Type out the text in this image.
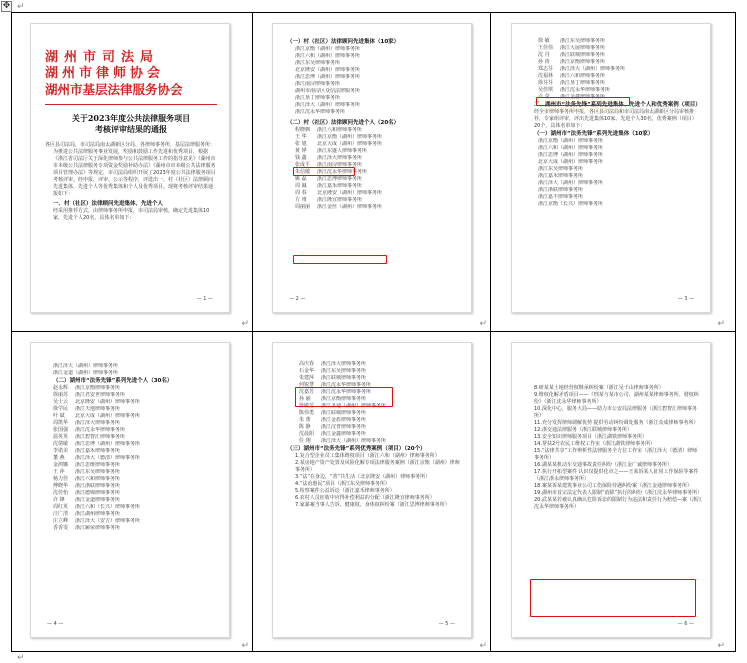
✥ ↵
↵
湖州市司法局
湖州市律师协会
湖州市基层法律服务协会
关于2023年度公共法律服务项目
考核评审结果的通报
各区县司法局，市司法局南太湖新区分局、各律师事务所，基层法律服务所：
为推进公共法律服务事业发展，奖励和鼓励工作先进和优秀项目，根据《浙江省司法厅关于深化律师参与公共法律服务工作的指导意见》《湖州市市本级公共法律服务专项资金奖励补助办法》《湖州市市本级公共法律服务项目管理办法》等规定，市司法局组织开展了2023年度公共法律服务项目考核评审。经申报、评审、公示等程序，评选出一、村（社区）法律顾问先进集体、先进个人等优秀集体和个人及优秀项目。现将考核评审结果通报如下：
一、村（社区）法律顾问先进集体、先进个人
经采用推荐方式，由律师事务所申报，市司法局审核，确定先进集体10家，先进个人20名，具体名单如下：
— 1 —
↵
（一）村（社区）法律顾问先进集体（10家）
浙江京衡（湖州）律师事务所
浙江六和（湖州）律师事务所
浙江东吴律师事务所
北京隆安（湖州）律师事务所
浙江思博（湖州）律师事务所
浙江南浔律师事务所
湖州市南浔区众信法律服务所
浙江垦丁律师事务所
浙江泽大（湖州）律师事务所
浙江沈永华律师事务所
（二）村（社区）法律顾问先进个人（20名）
程晓枫	浙江六和律师事务所
王 华	浙江京衡（湖州）律师事务所
张 旭	北京大成（湖州）律师事务所
黄 铧	浙江东盛人律师事务所
钱 鑫	浙江泽大律师事务所
张成平	浙江南浔律师事务所
朱信敏	浙江沈永华律师事务所
姚 磊	浙江思博律师事务所
周 铖	浙江嘉禾律师事务所
周 春	北京隆安（湖州）律师事务所
方 靖	浙江隆宜律师事务所
周丽丽	浙江金丝（湖州）律师事务所
— 2 —
↵
徐 敏	浙江东吴律师事务所
王佳伟	浙江大展律师事务所
沈 丹	浙江联城律师事务所
孙 涛	浙江京衡律师事务所
郑志芬	浙江泽大（湖州）律师事务所
沈福林	浙江六和律师事务所
徐芬芬	浙江垦丁律师事务所
吴佳琪	浙江沈永华律师事务所
卢 莹	浙江金鑫律师事务所
二、湖州市“法务先锋”系列先进集体、先进个人和优秀案例（项目）
经全市律师事务所申报，各区县司法局和市司法局南太湖新区分局审核推荐，专家组评审，评出先进集体10家、先进个人30名，优秀案例（项目）20个，具体名单如下：
（一）湖州市“法务先锋”系列先进集体（10家）
浙江京衡（湖州）律师事务所
浙江六和（湖州）律师事务所
浙江思博（湖州）律师事务所
北京大成（湖州）律师事务所
浙江东吴律师事务所
浙江嘉禾律师事务所
浙江泽大（湖州）律师事务所
浙江浙联律师事务所
浙江嘉丰律师事务所
浙江京衡（长兴）律师事务所
— 3 —
↵
浙江泽大（湖州）律师事务所
浙江金道（湖州）律师事务所
（二）湖州市“法务先锋”系列先进个人（30名）
赵永辉	浙江京衡律师事务所
徐丽苏	浙江君安世律师事务所
吴士云	北京隆安（湖州）律师事务所
徐学民	浙江天地律师事务所
叶 斌	北京大成（湖州）律师事务所
周凯华	浙江泽大律师事务所
张国强	浙江沈永华律师事务所
温英英	浙江碧智汇律师事务所
沈倩敏	浙江思博（湖州）律师事务所
李诺美	浙江嘉禾律师事务所
董 燕	浙江泽大（德清）律师事务所
金鸿娜	浙江思维律师事务所
王 萍	浙江东吴律师事务所
杨力佳	浙江六和律师事务所
傅晓华	浙江浙联律师事务所
沈佳怡	浙江德锦律师事务所
许 锋	浙江金道律师事务所
周红英	浙江六和（长兴）律师事务所
汪广清	浙江湖州律师事务所
庄立峰	浙江泽大（安吉）律师事务所
香香雯	浙江颐荣律师事务所
— 4 —
↵
高庆春	浙江泽大律师事务所
石金华	浙江东吴律师事务所
朱建萍	浙江联城律师事务所
何锐慧	浙江沈永华律师事务所
沈嘉芳	浙江沈永华律师事务所
孙 丽	浙江京衡律师事务所
徐敏芳	浙江圣通（湖州）律师事务所
陈伟勇	浙江联城律师事务所
朱 蕾	浙江金盾律师事务所
陈 静	浙江汉普律师事务所
沈晨阳	浙江金鑫律师事务所
任 翔	浙江泽大（湖州）律师事务所
（三）湖州市“法务先锋”系列优秀案例（项目）（20个）
1.复合型企业员工集体维权项目（浙江六和（湖州）律师事务所）
2.某房地产资产处置及风险化解专项法律服务案例（浙江京衡（湖州）律师事务所）
3.“法”在身边，“善”共生活（北京隆安（湖州）律师事务所）
4.“法治惠民”项目（浙江东吴律师事务所）
5.检察案件公益诉讼（浙江嘉禾律师事务所）
6.农村人员征收中应得补偿利益的分配（浙江隆宜律师事务所）
7.家暴案当事人告诉、健康权、身体权纠纷案（浙江思博律师事务所）
— 5 —
↵
8.研某某土地经营权继承纠纷案（浙江吴千山律师事务所）
9.维权化解矛盾项目——《刑某与某市公司、湖州某某律师事务所、谐权纠纷》（浙江沈永华律师事务所）
10.深化中心，服务大局——助力市公安局法律服务（浙江碧智汇律师事务所）
11.充分发挥律师调解优势 提供劳动纠纷调处服务（浙江众成律师事务所）
12.浙交通法律服务（浙江联城律师事务所）
13.安全知识律师服务项目（浙江湖铁律师事务所）
14.帮扶2号农民工维权工作室（浙江湖铁律师事务所）
15.“法律共享”工作辨析性法律服务全方位工作室（浙江泽大（德清）律师事务所）
16.湖某某机动车交通事故责任纠纷（浙江金广诚律师事务所）
17.执行开拓型案件 认识仅提供化市之——王某诉某人征用工作保险等案件（浙江浙永律师事务所）
18.案某诉某建筑事业公司工伤保险待遇纠纷案（浙江金通律师事务所）
19.湖州市首宗法定代表人限制“消除”执行的纠纷（浙江沈永华律师事务所）
20.武某某若被认真确认危险诉讼的限制行为违法和责任行为赔偿—案（浙江沈永华律师事务所）
— 6 —
↵
